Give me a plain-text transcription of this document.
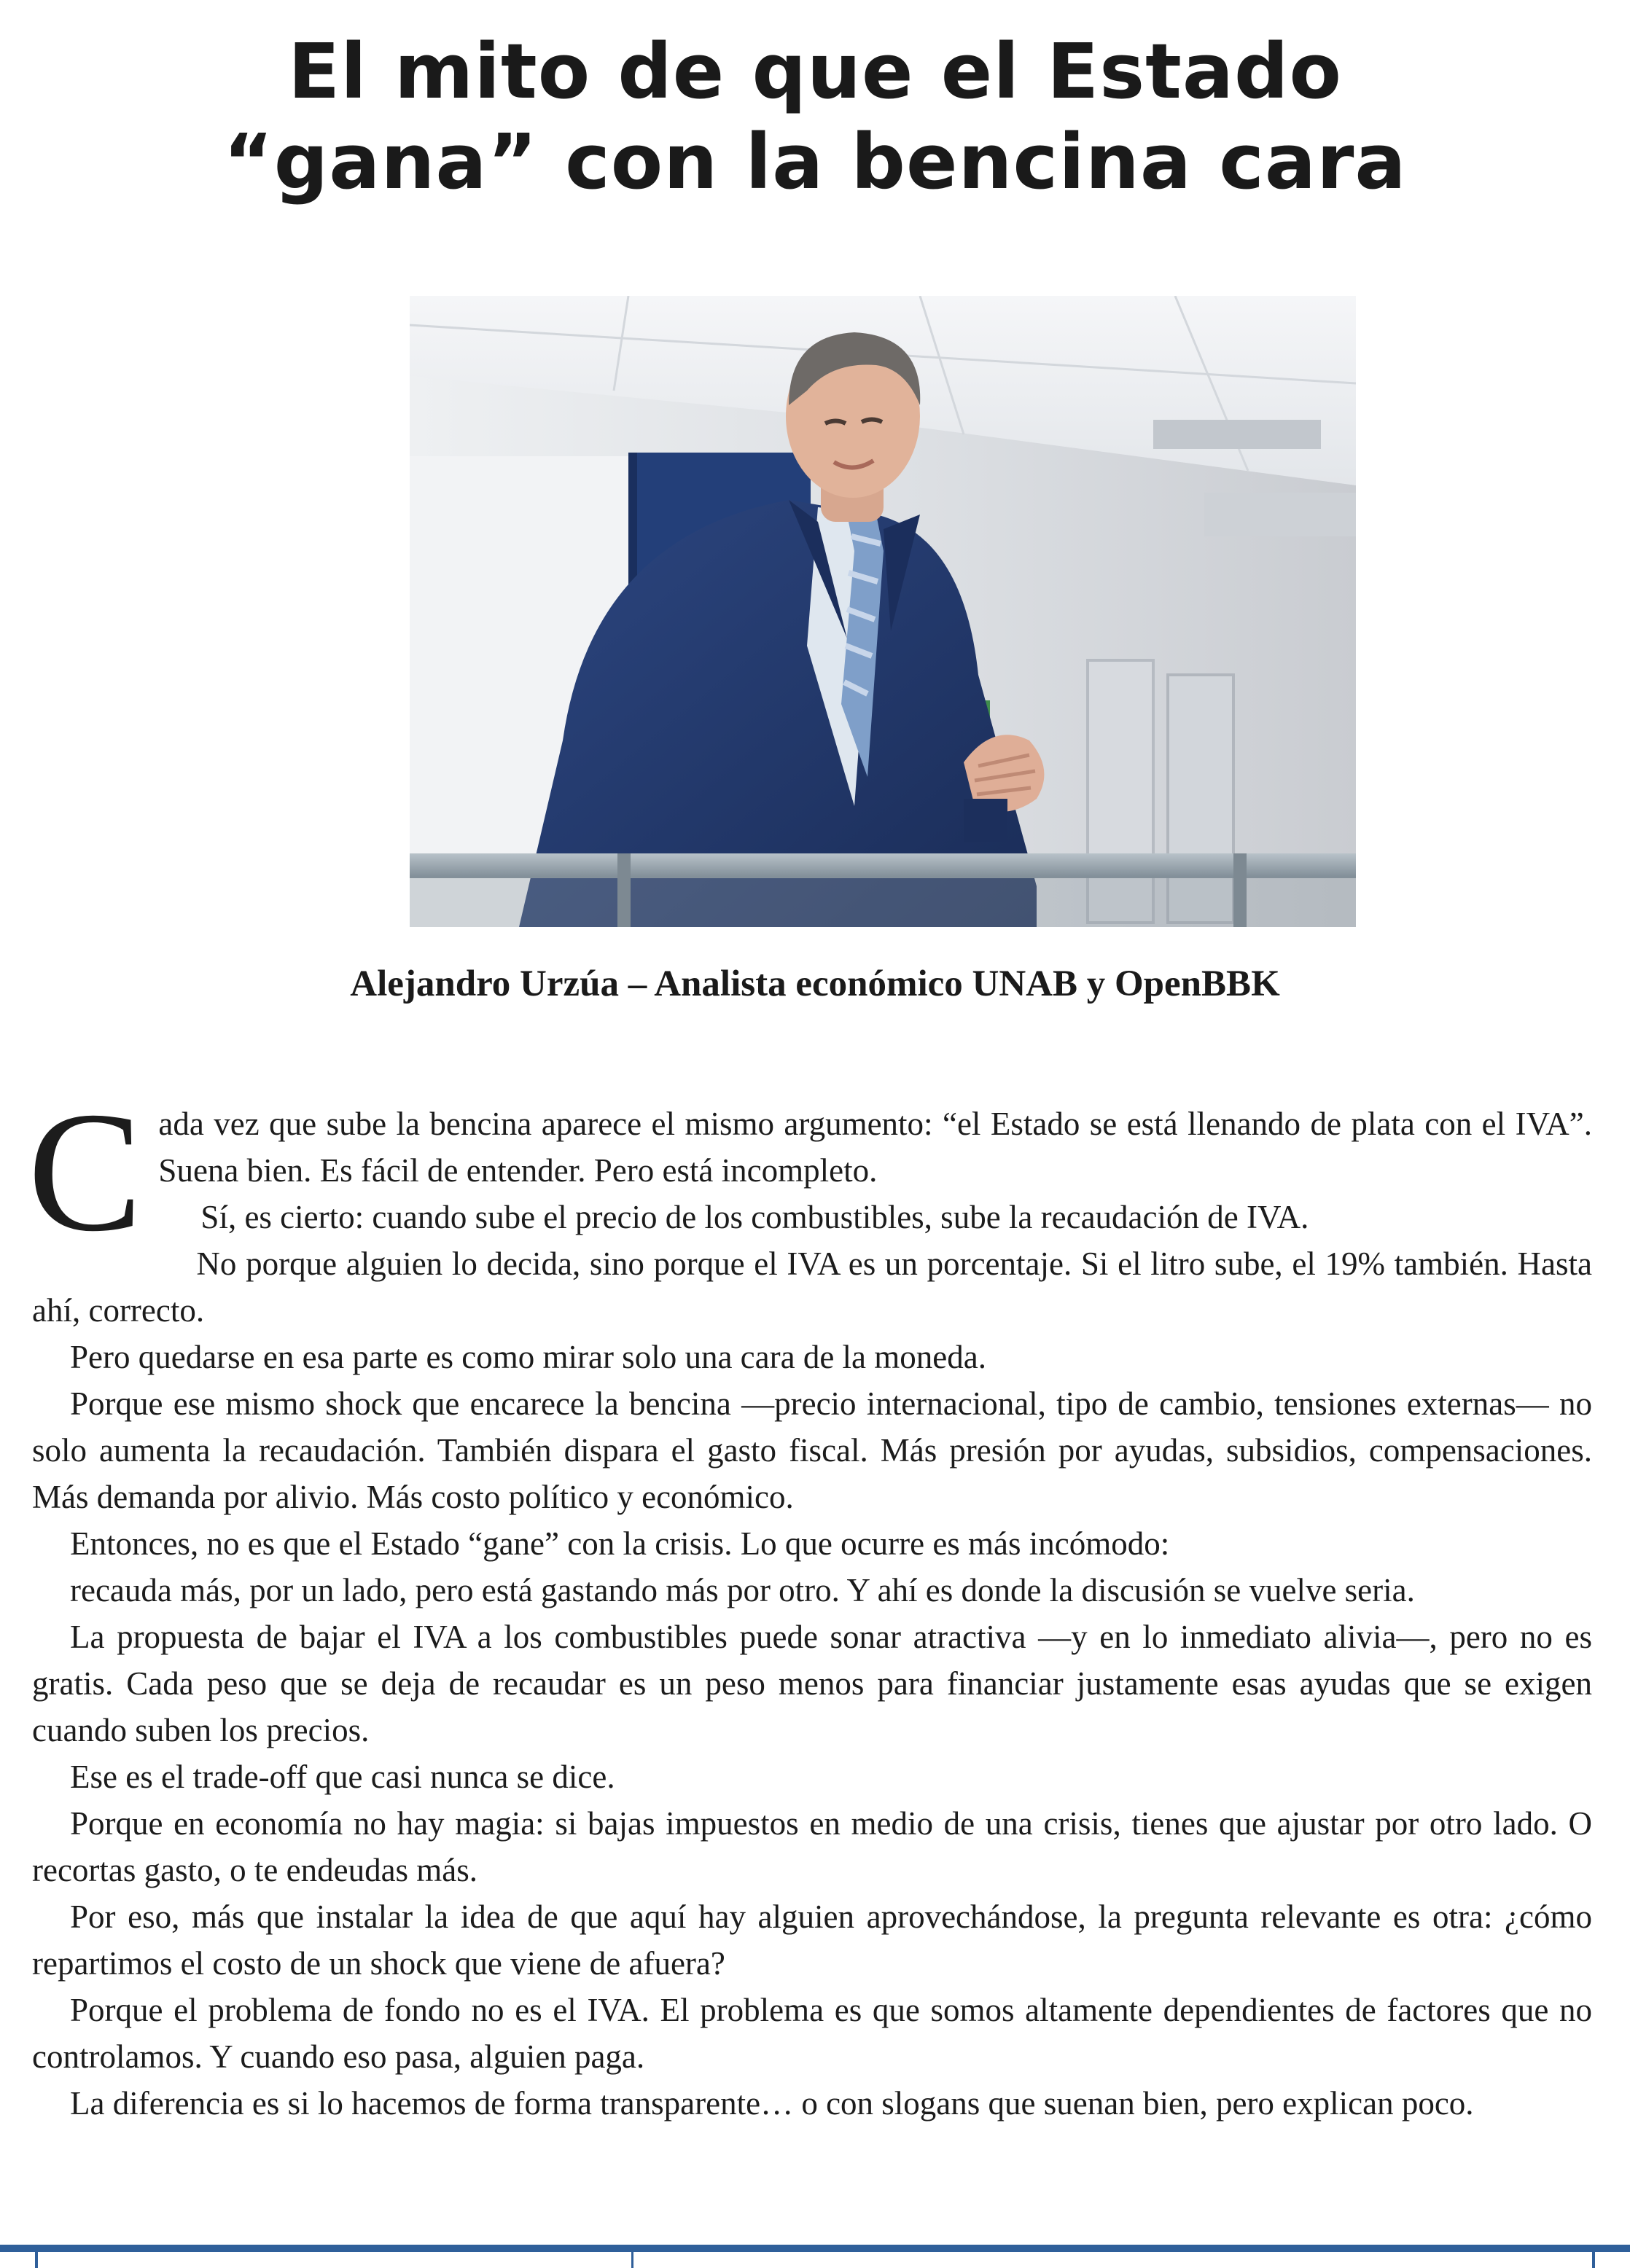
El mito de que el Estado
“gana” con la bencina cara

Alejandro Urzúa – Analista económico UNAB y OpenBBK

C ada vez que sube la bencina aparece el mismo argumento: “el Estado se está llenando de plata con el IVA”. Suena bien. Es fácil de entender. Pero está incompleto.

Sí, es cierto: cuando sube el precio de los combustibles, sube la recaudación de IVA.

No porque alguien lo decida, sino porque el IVA es un porcentaje. Si el litro sube, el 19% también. Hasta ahí, correcto.

Pero quedarse en esa parte es como mirar solo una cara de la moneda.

Porque ese mismo shock que encarece la bencina —precio internacional, tipo de cambio, tensiones externas— no solo aumenta la recaudación. También dispara el gasto fiscal. Más presión por ayudas, subsidios, compensaciones. Más demanda por alivio. Más costo político y económico.

Entonces, no es que el Estado “gane” con la crisis. Lo que ocurre es más incómodo:

recauda más, por un lado, pero está gastando más por otro. Y ahí es donde la discusión se vuelve seria.

La propuesta de bajar el IVA a los combustibles puede sonar atractiva —y en lo inmediato alivia—, pero no es gratis. Cada peso que se deja de recaudar es un peso menos para financiar justamente esas ayudas que se exigen cuando suben los precios.

Ese es el trade-off que casi nunca se dice.

Porque en economía no hay magia: si bajas impuestos en medio de una crisis, tienes que ajustar por otro lado. O recortas gasto, o te endeudas más.

Por eso, más que instalar la idea de que aquí hay alguien aprovechándose, la pregunta relevante es otra: ¿cómo repartimos el costo de un shock que viene de afuera?

Porque el problema de fondo no es el IVA. El problema es que somos altamente dependientes de factores que no controlamos. Y cuando eso pasa, alguien paga.

La diferencia es si lo hacemos de forma transparente… o con slogans que suenan bien, pero explican poco.
